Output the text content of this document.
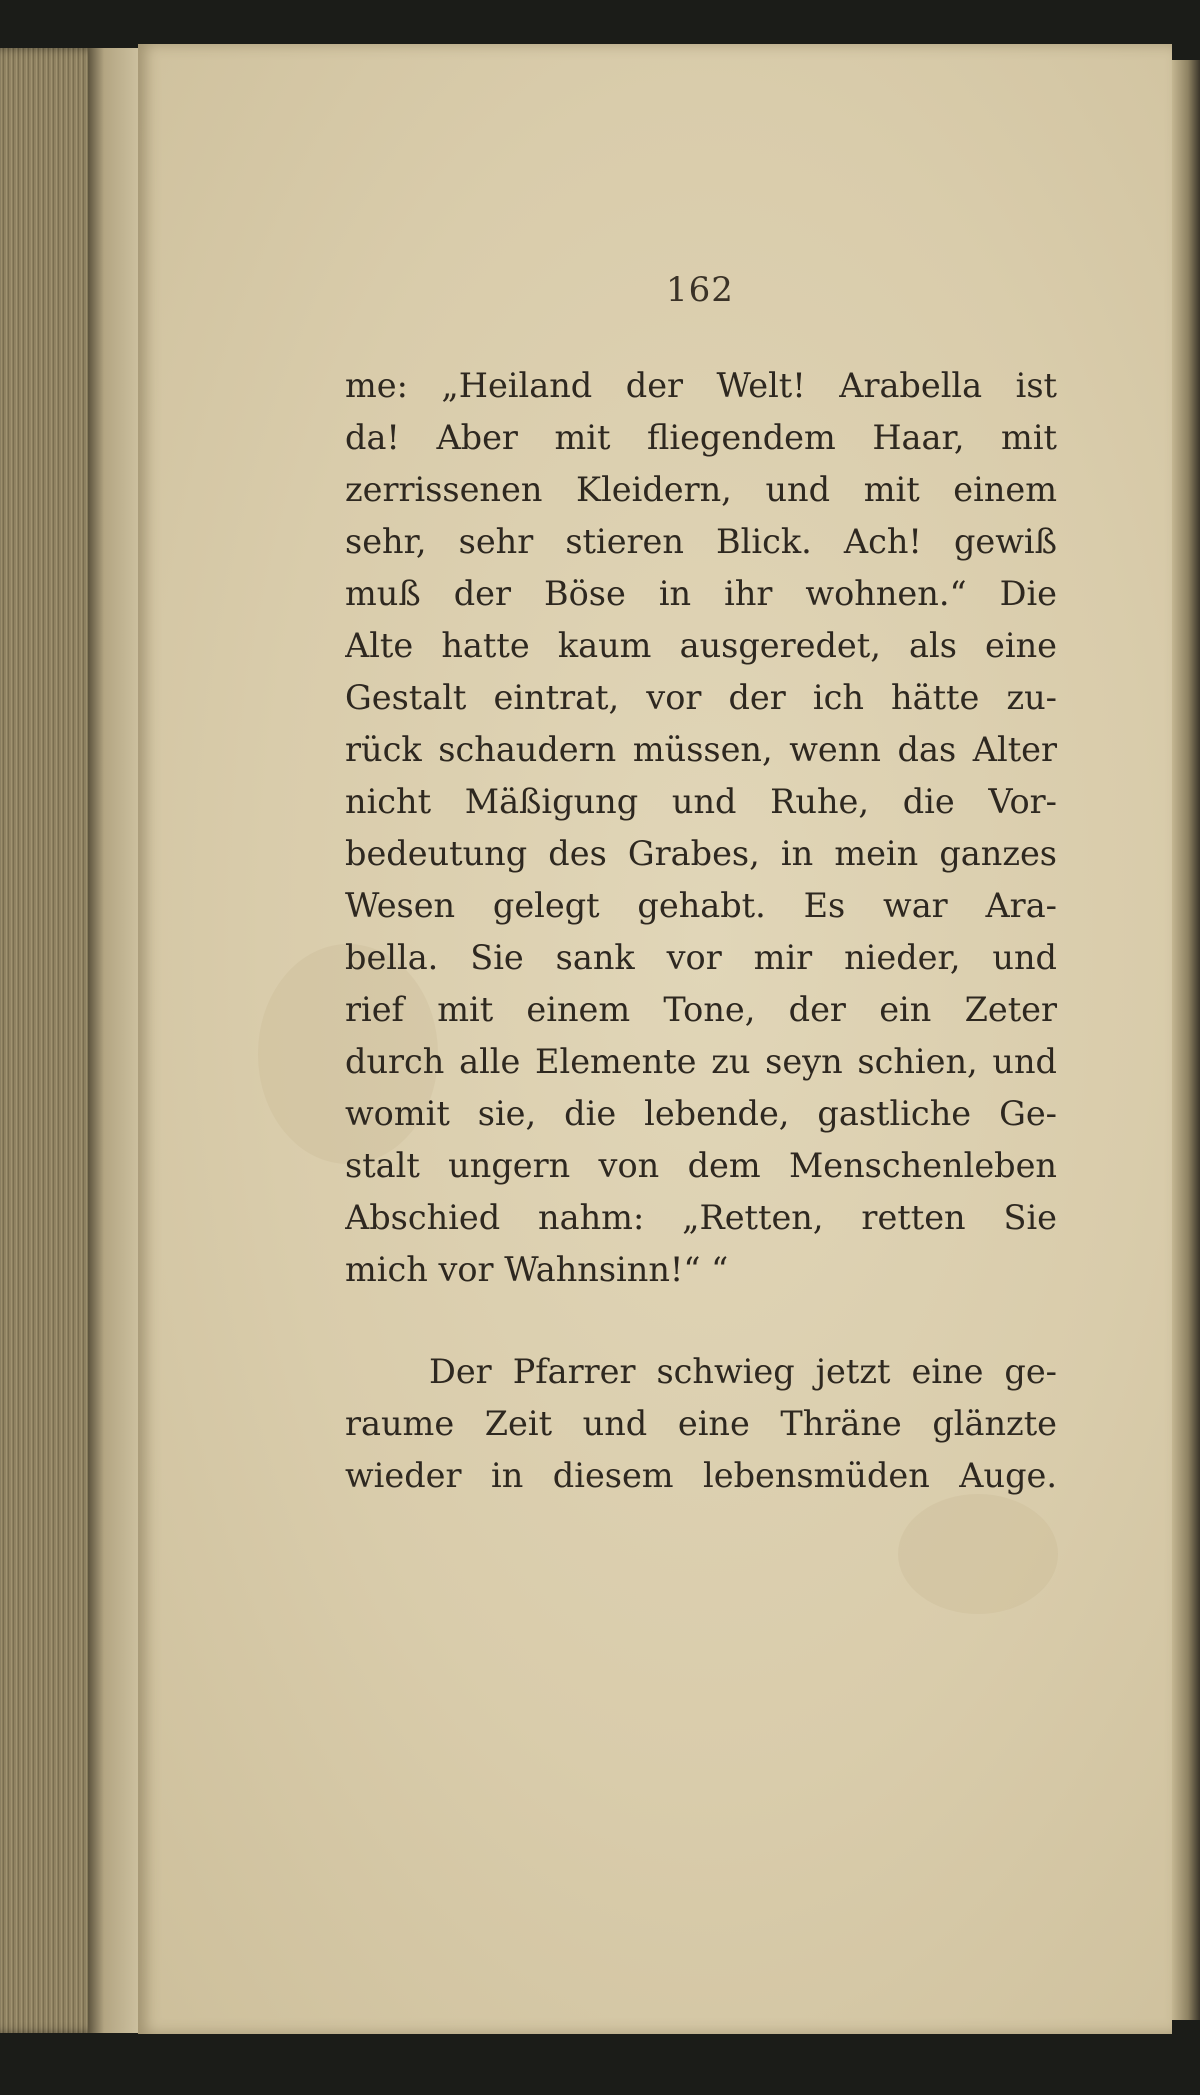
162
me: „Heiland der Welt! Arabella ist
da! Aber mit fliegendem Haar, mit
zerrissenen Kleidern, und mit einem
sehr, sehr stieren Blick. Ach! gewiß
muß der Böse in ihr wohnen.“ Die
Alte hatte kaum ausgeredet, als eine
Gestalt eintrat, vor der ich hätte zu-
rück schaudern müssen, wenn das Alter
nicht Mäßigung und Ruhe, die Vor-
bedeutung des Grabes, in mein ganzes
Wesen gelegt gehabt. Es war Ara-
bella. Sie sank vor mir nieder, und
rief mit einem Tone, der ein Zeter
durch alle Elemente zu seyn schien, und
womit sie, die lebende, gastliche Ge-
stalt ungern von dem Menschenleben
Abschied nahm: „Retten, retten Sie
mich vor Wahnsinn!“ “
Der Pfarrer schwieg jetzt eine ge-
raume Zeit und eine Thräne glänzte
wieder in diesem lebensmüden Auge.
